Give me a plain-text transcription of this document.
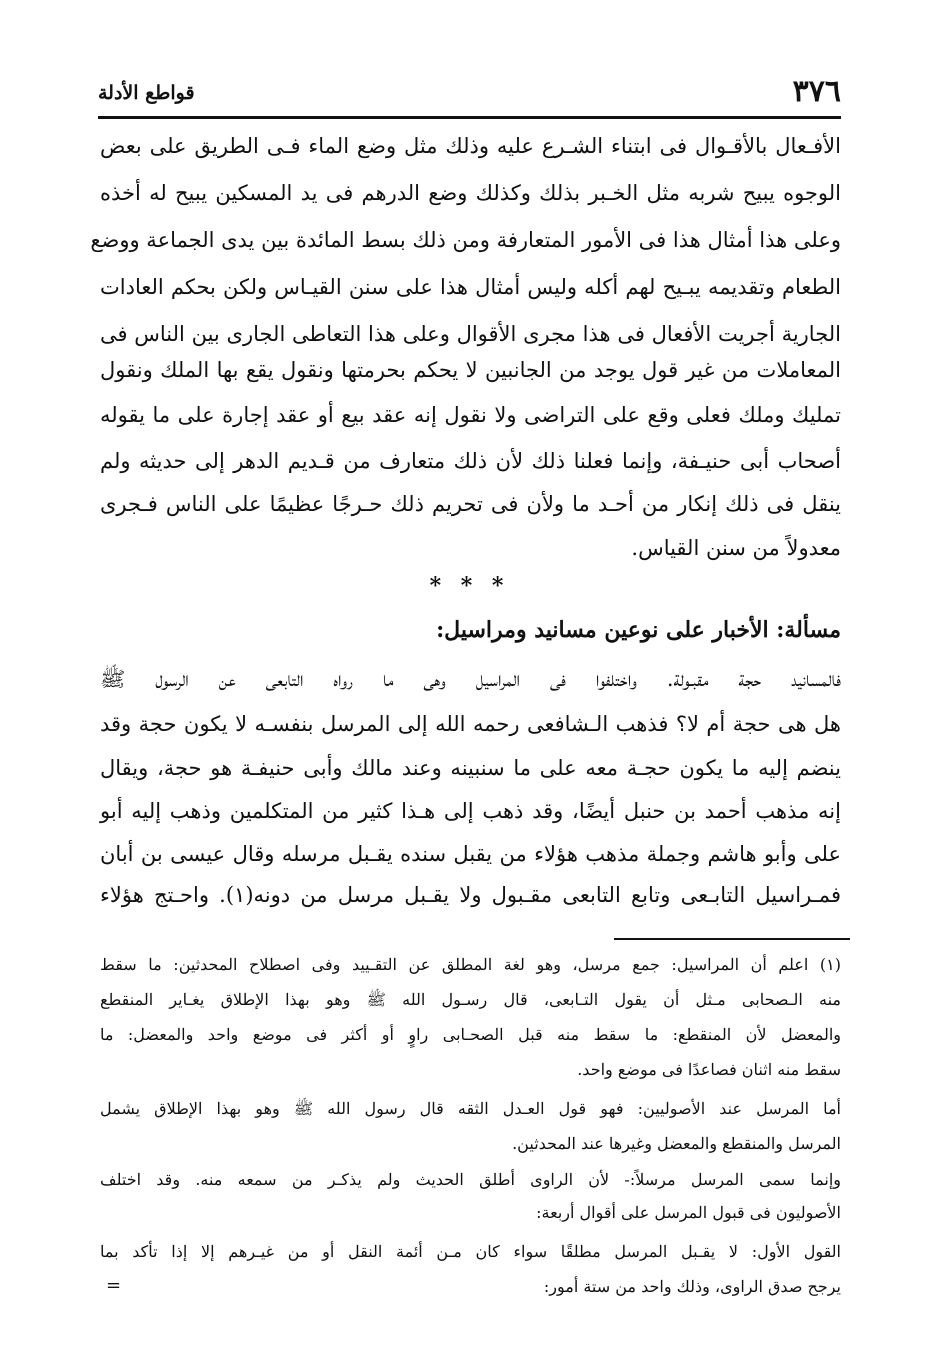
٣٧٦
قواطع الأدلة
الأفـعال بالأقـوال فى ابتناء الشـرع عليه وذلك مثل وضع الماء فـى الطريق على بعض
الوجوه يبيح شربه مثل الخـبر بذلك وكذلك وضع الدرهم فى يد المسكين يبيح له أخذه
وعلى هذا أمثال هذا فى الأمور المتعارفة ومن ذلك بسط المائدة بين يدى الجماعة ووضع
الطعام وتقديمه يبـيح لهم أكله وليس أمثال هذا على سنن القيـاس ولكن بحكم العادات
الجارية أجريت الأفعال فى هذا مجرى الأقوال وعلى هذا التعاطى الجارى بين الناس فى
المعاملات من غير قول يوجد من الجانبين لا يحكم بحرمتها ونقول يقع بها الملك ونقول
تمليك وملك فعلى وقع على التراضى ولا نقول إنه عقد بيع أو عقد إجارة على ما يقوله
أصحاب أبى حنيـفة، وإنما فعلنا ذلك لأن ذلك متعارف من قـديم الدهر إلى حديثه ولم
ينقل فى ذلك إنكار من أحـد ما ولأن فى تحريم ذلك حـرجًا عظيمًا على الناس فـجرى
معدولاً من سنن القياس.
* * *
مسألة: الأخبار على نوعين مسانيد ومراسيل:
فالمسانيد حجة مقبـولة. واختلفوا فى المراسيل وهى ما رواه التابعى عن الرسول ﷺ
هل هى حجة أم لا؟ فذهب الـشافعى رحمه الله إلى المرسل بنفسـه لا يكون حجة وقد
ينضم إليه ما يكون حجـة معه على ما سنبينه وعند مالك وأبى حنيفـة هو حجة، ويقال
إنه مذهب أحمد بن حنبل أيضًا، وقد ذهب إلى هـذا كثير من المتكلمين وذهب إليه أبو
على وأبو هاشم وجملة مذهب هؤلاء من يقبل سنده يقـبل مرسله وقال عيسى بن أبان
فمـراسيل التابـعى وتابع التابعى مقـبول ولا يقـبل مرسل من دونه(١). واحـتج هؤلاء
(١) اعلم أن المراسيل: جمع مرسل، وهو لغة المطلق عن التقـييد وفى اصطلاح المحدثين: ما سقط
منه الـصحابى مـثل أن يقول التـابعى، قال رسـول الله ﷺ وهو بهذا الإطلاق يغـاير المنقطع
والمعضل لأن المنقطع: ما سقط منه قبل الصحـابى راوٍ أو أكثر فى موضع واحد والمعضل: ما
سقط منه اثنان فصاعدًا فى موضع واحد.
أما المرسل عند الأصوليين: فهو قول العـدل الثقه قال رسول الله ﷺ وهو بهذا الإطلاق يشمل
المرسل والمنقطع والمعضل وغيرها عند المحدثين.
وإنما سمى المرسل مرسلاً:- لأن الراوى أطلق الحديث ولم يذكـر من سمعه منه. وقد اختلف
الأصوليون فى قبول المرسل على أقوال أربعة:
القول الأول: لا يقـبل المرسل مطلقًا سواء كان مـن أئمة النقل أو من غيـرهم إلا إذا تأكد بما
يرجح صدق الراوى، وذلك واحد من ستة أمور:
=
